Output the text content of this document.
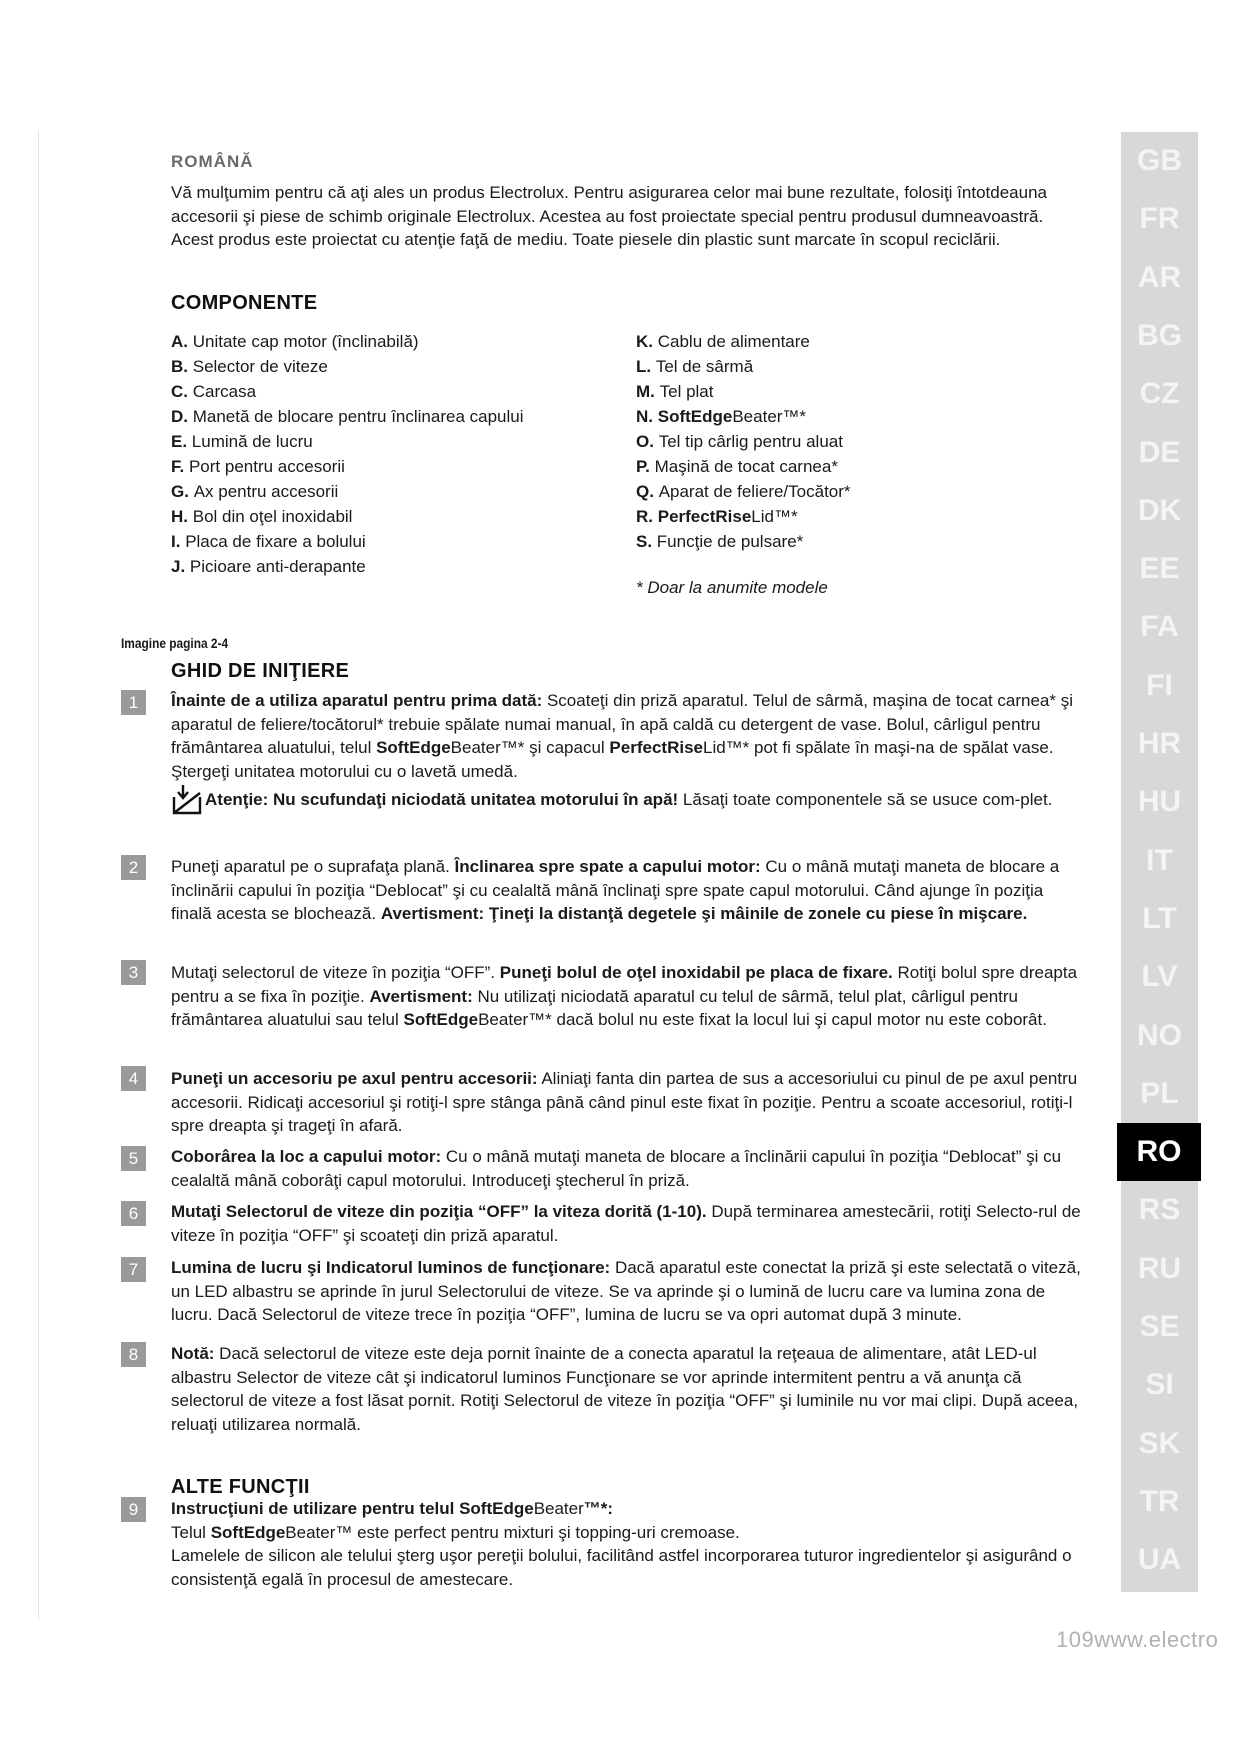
ROMÂNĂ
Vă mulţumim pentru că aţi ales un produs Electrolux. Pentru asigurarea celor mai bune rezultate, folosiţi întotdeauna accesorii şi piese de schimb originale Electrolux. Acestea au fost proiectate special pentru produsul dumneavoastră. Acest produs este proiectat cu atenţie faţă de mediu. Toate piesele din plastic sunt marcate în scopul reciclării.
COMPONENTE
A. Unitate cap motor (înclinabilă)
B. Selector de viteze
C. Carcasa
D. Manetă de blocare pentru înclinarea capului
E. Lumină de lucru
F. Port pentru accesorii
G. Ax pentru accesorii
H. Bol din oţel inoxidabil
I. Placa de fixare a bolului
J. Picioare anti-derapante
K. Cablu de alimentare
L. Tel de sârmă
M. Tel plat
N. SoftEdgeBeater™*
O. Tel tip cârlig pentru aluat
P. Maşină de tocat carnea*
Q. Aparat de feliere/Tocător*
R. PerfectRiseLid™*
S. Funcţie de pulsare*
* Doar la anumite modele
Imagine pagina 2-4
GHID DE INIŢIERE
1	Înainte de a utiliza aparatul pentru prima dată: Scoateţi din priză aparatul. Telul de sârmă, maşina de tocat carnea* şi aparatul de feliere/tocătorul* trebuie spălate numai manual, în apă caldă cu detergent de vase. Bolul, cârligul pentru frământarea aluatului, telul SoftEdgeBeater™* şi capacul PerfectRiseLid™* pot fi spălate în maşi-na de spălat vase. Ştergeţi unitatea motorului cu o lavetă umedă.
2	Puneţi aparatul pe o suprafaţa plană. Înclinarea spre spate a capului motor: Cu o mână mutaţi maneta de blocare a înclinării capului în poziţia “Deblocat” şi cu cealaltă mână înclinaţi spre spate capul motorului. Când ajunge în poziţia finală acesta se blochează. Avertisment: Ţineţi la distanţă degetele şi mâinile de zonele cu piese în mişcare.
3	Mutaţi selectorul de viteze în poziţia “OFF”. Puneţi bolul de oţel inoxidabil pe placa de fixare. Rotiţi bolul spre dreapta pentru a se fixa în poziţie. Avertisment: Nu utilizaţi niciodată aparatul cu telul de sârmă, telul plat, cârligul pentru frământarea aluatului sau telul SoftEdgeBeater™* dacă bolul nu este fixat la locul lui şi capul motor nu este coborât.
4	Puneţi un accesoriu pe axul pentru accesorii: Aliniaţi fanta din partea de sus a accesoriului cu pinul de pe axul pentru accesorii. Ridicaţi accesoriul şi rotiţi-l spre stânga până când pinul este fixat în poziţie. Pentru a scoate accesoriul, rotiţi-l spre dreapta şi trageţi în afară.
5	Coborârea la loc a capului motor: Cu o mână mutaţi maneta de blocare a înclinării capului în poziţia “Deblocat” şi cu cealaltă mână coborâţi capul motorului. Introduceţi ştecherul în priză.
6	Mutaţi Selectorul de viteze din poziţia “OFF” la viteza dorită (1-10). După terminarea amestecării, rotiţi Selecto-rul de viteze în poziţia “OFF” şi scoateţi din priză aparatul.
7	Lumina de lucru şi Indicatorul luminos de funcţionare: Dacă aparatul este conectat la priză şi este selectată o viteză, un LED albastru se aprinde în jurul Selectorului de viteze. Se va aprinde şi o lumină de lucru care va lumina zona de lucru. Dacă Selectorul de viteze trece în poziţia “OFF”, lumina de lucru se va opri automat după 3 minute.
8	Notă: Dacă selectorul de viteze este deja pornit înainte de a conecta aparatul la reţeaua de alimentare, atât LED-ul albastru Selector de viteze cât şi indicatorul luminos Funcţionare se vor aprinde intermitent pentru a vă anunţa că selectorul de viteze a fost lăsat pornit. Rotiţi Selectorul de viteze în poziţia “OFF” şi luminile nu vor mai clipi. După aceea, reluaţi utilizarea normală.
9	Instrucţiuni de utilizare pentru telul SoftEdgeBeater™*:
Telul SoftEdgeBeater™ este perfect pentru mixturi şi topping-uri cremoase.
Lamelele de silicon ale telului şterg uşor pereţii bolului, facilitând astfel incorporarea tuturor ingredientelor şi asigurând o consistenţă egală în procesul de amestecare.
Atenţie: Nu scufundaţi niciodată unitatea motorului în apă! Lăsaţi toate componentele să se usuce com-plet.
ALTE FUNCŢII
GB
FR
AR
BG
CZ
DE
DK
EE
FA
FI
HR
HU
IT
LT
LV
NO
PL
RO
RS
RU
SE
SI
SK
TR
UA
109www.electro
